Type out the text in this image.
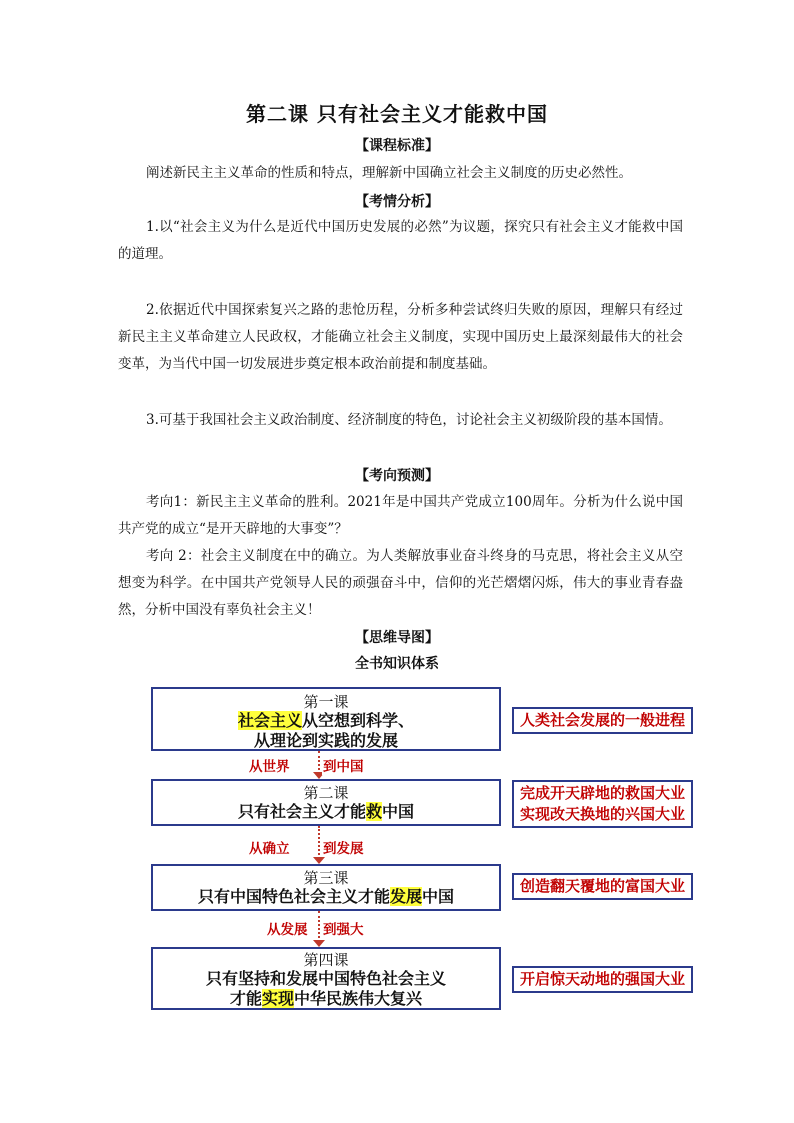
第二课 只有社会主义才能救中国
【课程标准】

阐述新民主主义革命的性质和特点，理解新中国确立社会主义制度的历史必然性。

【考情分析】

1.以“社会主义为什么是近代中国历史发展的必然”为议题，探究只有社会主义才能救中国的道理。

2.依据近代中国探索复兴之路的悲怆历程，分析多种尝试终归失败的原因，理解只有经过新民主主义革命建立人民政权，才能确立社会主义制度，实现中国历史上最深刻最伟大的社会变革，为当代中国一切发展进步奠定根本政治前提和制度基础。

3.可基于我国社会主义政治制度、经济制度的特色，讨论社会主义初级阶段的基本国情。

【考向预测】

考向1：新民主主义革命的胜利。2021年是中国共产党成立100周年。分析为什么说中国共产党的成立“是开天辟地的大事变”？

考向 2：社会主义制度在中的确立。为人类解放事业奋斗终身的马克思，将社会主义从空想变为科学。在中国共产党领导人民的顽强奋斗中，信仰的光芒熠熠闪烁，伟大的事业青春盎然，分析中国没有辜负社会主义！

【思维导图】
全书知识体系
第一课
社会主义从空想到科学、
从理论到实践的发展
人类社会发展的一般进程
从世界 到中国
第二课
只有社会主义才能救中国
完成开天辟地的救国大业
实现改天换地的兴国大业
从确立 到发展
第三课
只有中国特色社会主义才能发展中国
创造翻天覆地的富国大业
从发展 到强大
第四课
只有坚持和发展中国特色社会主义
才能实现中华民族伟大复兴
开启惊天动地的强国大业
